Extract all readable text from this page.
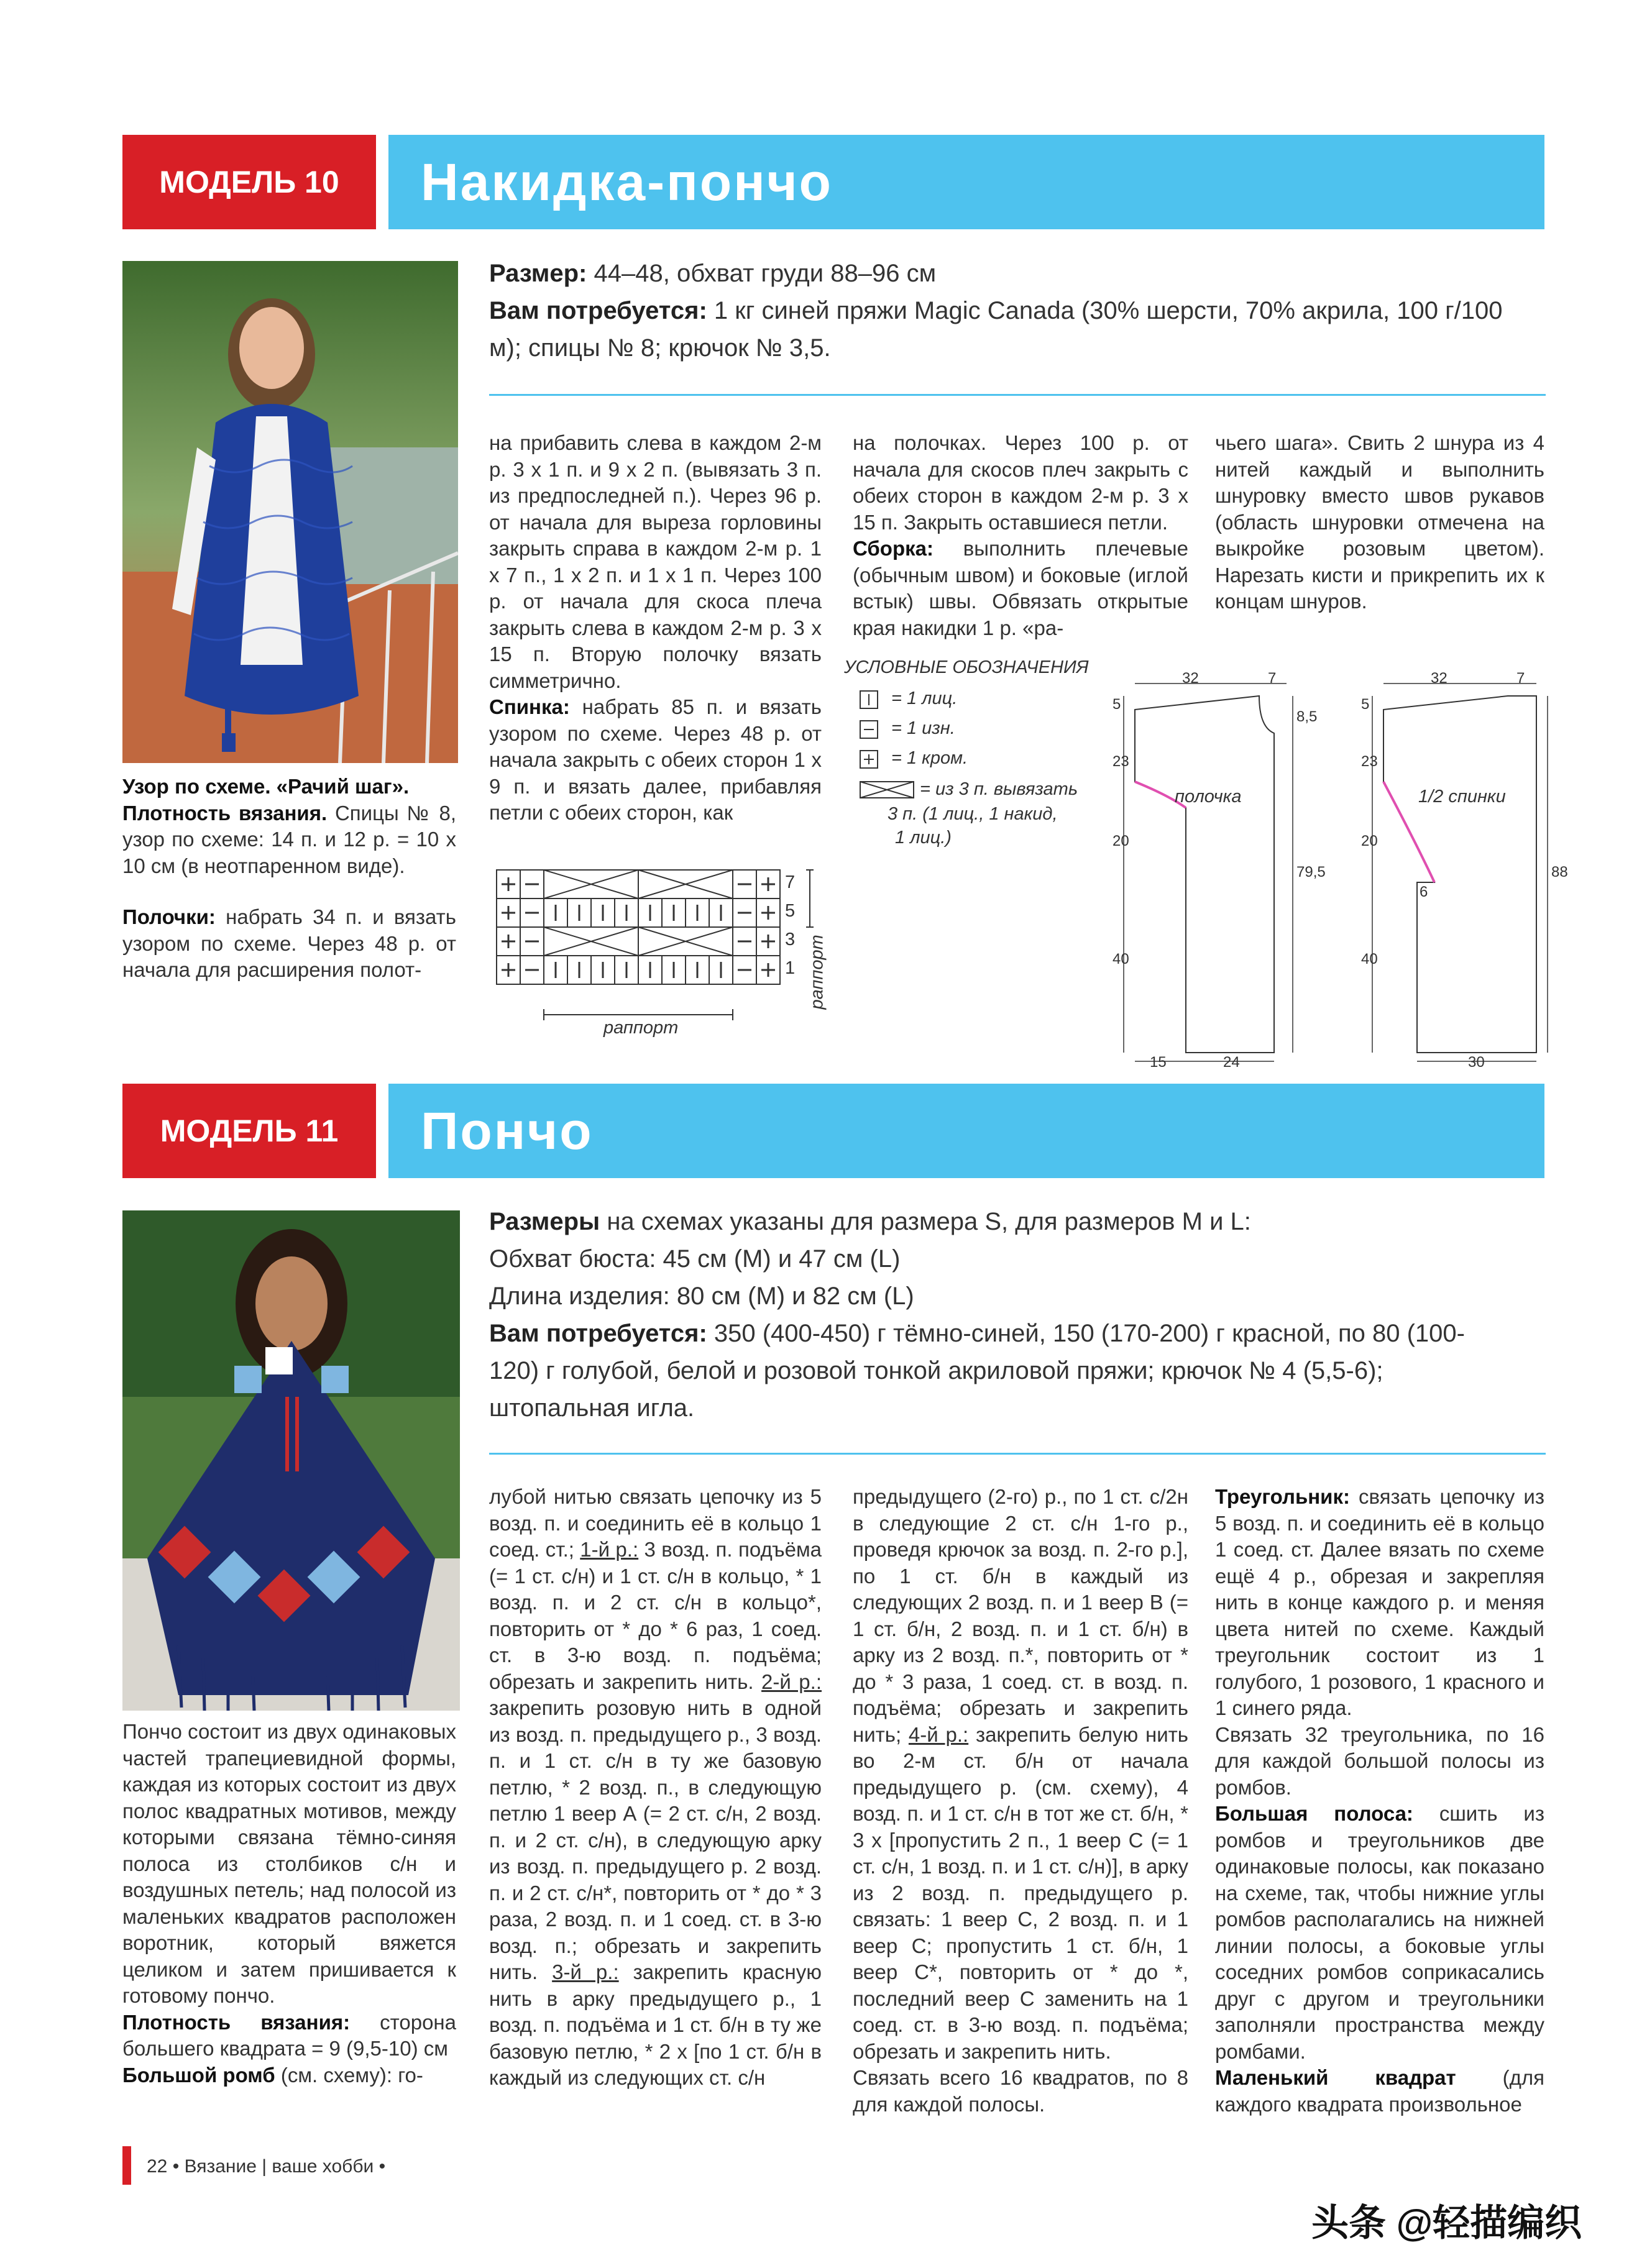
МОДЕЛЬ 10 Накидка-пончо
Размер: 44–48, обхват груди 88–96 см
Вам потребуется: 1 кг синей пряжи Magic Canada (30% шерсти, 70% акрила, 100 г/100 м); спицы № 8; крючок № 3,5.

Узор по схеме. «Рачий шаг».

Плотность вязания. Спицы № 8, узор по схеме: 14 п. и 12 р. = 10 х 10 см (в неотпаренном виде).

Полочки: набрать 34 п. и вязать узором по схеме. Через 48 р. от начала для расширения полот-

на прибавить слева в каждом 2-м р. 3 х 1 п. и 9 х 2 п. (вывязать 3 п. из предпоследней п.). Через 96 р. от начала для выреза горловины закрыть справа в каждом 2-м р. 1 х 7 п., 1 х 2 п. и 1 х 1 п. Через 100 р. от начала для скоса плеча закрыть слева в каждом 2-м р. 3 х 15 п. Вторую полочку вязать симметрично.

Спинка: набрать 85 п. и вязать узором по схеме. Через 48 р. от начала закрыть с обеих сторон 1 х 9 п. и вязать далее, прибавляя петли с обеих сторон, как

на полочках. Через 100 р. от начала для скосов плеч закрыть с обеих сторон в каждом 2-м р. 3 х 15 п. Закрыть оставшиеся петли.

Сборка: выполнить плечевые (обычным швом) и боковые (иглой встык) швы. Обвязать открытые края накидки 1 р. «ра-

чьего шага». Свить 2 шнура из 4 нитей каждый и выполнить шнуровку вместо швов рукавов (область шнуровки отмечена на выкройке розовым цветом). Нарезать кисти и прикрепить их к концам шнуров.

УСЛОВНЫЕ ОБОЗНАЧЕНИЯ
= 1 лиц.
= 1 изн.
= 1 кром.
= из 3 п. вывязать
3 п. (1 лиц., 1 накид,
1 лиц.)
7
5
3
1
раппорт
раппорт
32	7
5
8,5
23
20
79,5
40
15	24
полочка
32	7
5
23
20
6
88
40
30
1/2 спинки
МОДЕЛЬ 11 Пончо
Размеры на схемах указаны для размера S, для размеров M и L:
Обхват бюста: 45 см (M) и 47 см (L)
Длина изделия: 80 см (M) и 82 см (L)
Вам потребуется: 350 (400-450) г тёмно-синей, 150 (170-200) г красной, по 80 (100-120) г голубой, белой и розовой тонкой акриловой пряжи; крючок № 4 (5,5-6); штопальная игла.

Пончо состоит из двух одинаковых частей трапециевидной формы, каждая из которых состоит из двух полос квадратных мотивов, между которыми связана тёмно-синяя полоса из столбиков с/н и воздушных петель; над полосой из маленьких квадратов расположен воротник, который вяжется целиком и затем пришивается к готовому пончо.

Плотность вязания: сторона большего квадрата = 9 (9,5-10) см

Большой ромб (см. схему): го-

лубой нитью связать цепочку из 5 возд. п. и соединить её в кольцо 1 соед. ст.; 1-й р.: 3 возд. п. подъёма (= 1 ст. с/н) и 1 ст. с/н в кольцо, * 1 возд. п. и 2 ст. с/н в кольцо*, повторить от * до * 6 раз, 1 соед. ст. в 3-ю возд. п. подъёма; обрезать и закрепить нить. 2-й р.: закрепить розовую нить в одной из возд. п. предыдущего р., 3 возд. п. и 1 ст. с/н в ту же базовую петлю, * 2 возд. п., в следующую петлю 1 веер А (= 2 ст. с/н, 2 возд. п. и 2 ст. с/н), в следующую арку из возд. п. предыдущего р. 2 возд. п. и 2 ст. с/н*, повторить от * до * 3 раза, 2 возд. п. и 1 соед. ст. в 3-ю возд. п.; обрезать и закрепить нить. 3-й р.: закрепить красную нить в арку предыдущего р., 1 возд. п. подъёма и 1 ст. б/н в ту же базовую петлю, * 2 х [по 1 ст. б/н в каждый из следующих ст. с/н

предыдущего (2-го) р., по 1 ст. с/2н в следующие 2 ст. с/н 1-го р., проведя крючок за возд. п. 2-го р.], по 1 ст. б/н в каждый из следующих 2 возд. п. и 1 веер В (= 1 ст. б/н, 2 возд. п. и 1 ст. б/н) в арку из 2 возд. п.*, повторить от * до * 3 раза, 1 соед. ст. в возд. п. подъёма; обрезать и закрепить нить; 4-й р.: закрепить белую нить во 2-м ст. б/н от начала предыдущего р. (см. схему), 4 возд. п. и 1 ст. с/н в тот же ст. б/н, * 3 х [пропустить 2 п., 1 веер С (= 1 ст. с/н, 1 возд. п. и 1 ст. с/н)], в арку из 2 возд. п. предыдущего р. связать: 1 веер С, 2 возд. п. и 1 веер С; пропустить 1 ст. б/н, 1 веер С*, повторить от * до *, последний веер С заменить на 1 соед. ст. в 3-ю возд. п. подъёма; обрезать и закрепить нить.

Связать всего 16 квадратов, по 8 для каждой полосы.

Треугольник: связать цепочку из 5 возд. п. и соединить её в кольцо 1 соед. ст. Далее вязать по схеме ещё 4 р., обрезая и закрепляя нить в конце каждого р. и меняя цвета нитей по схеме. Каждый треугольник состоит из 1 голубого, 1 розового, 1 красного и 1 синего ряда.

Связать 32 треугольника, по 16 для каждой большой полосы из ромбов.

Большая полоса: сшить из ромбов и треугольников две одинаковые полосы, как показано на схеме, так, чтобы нижние углы ромбов располагались на нижней линии полосы, а боковые углы соседних ромбов соприкасались друг с другом и треугольники заполняли пространства между ромбами.

Маленький квадрат (для каждого квадрата произвольное

22 • Вязание | ваше хобби •
头条 @轻描编织
